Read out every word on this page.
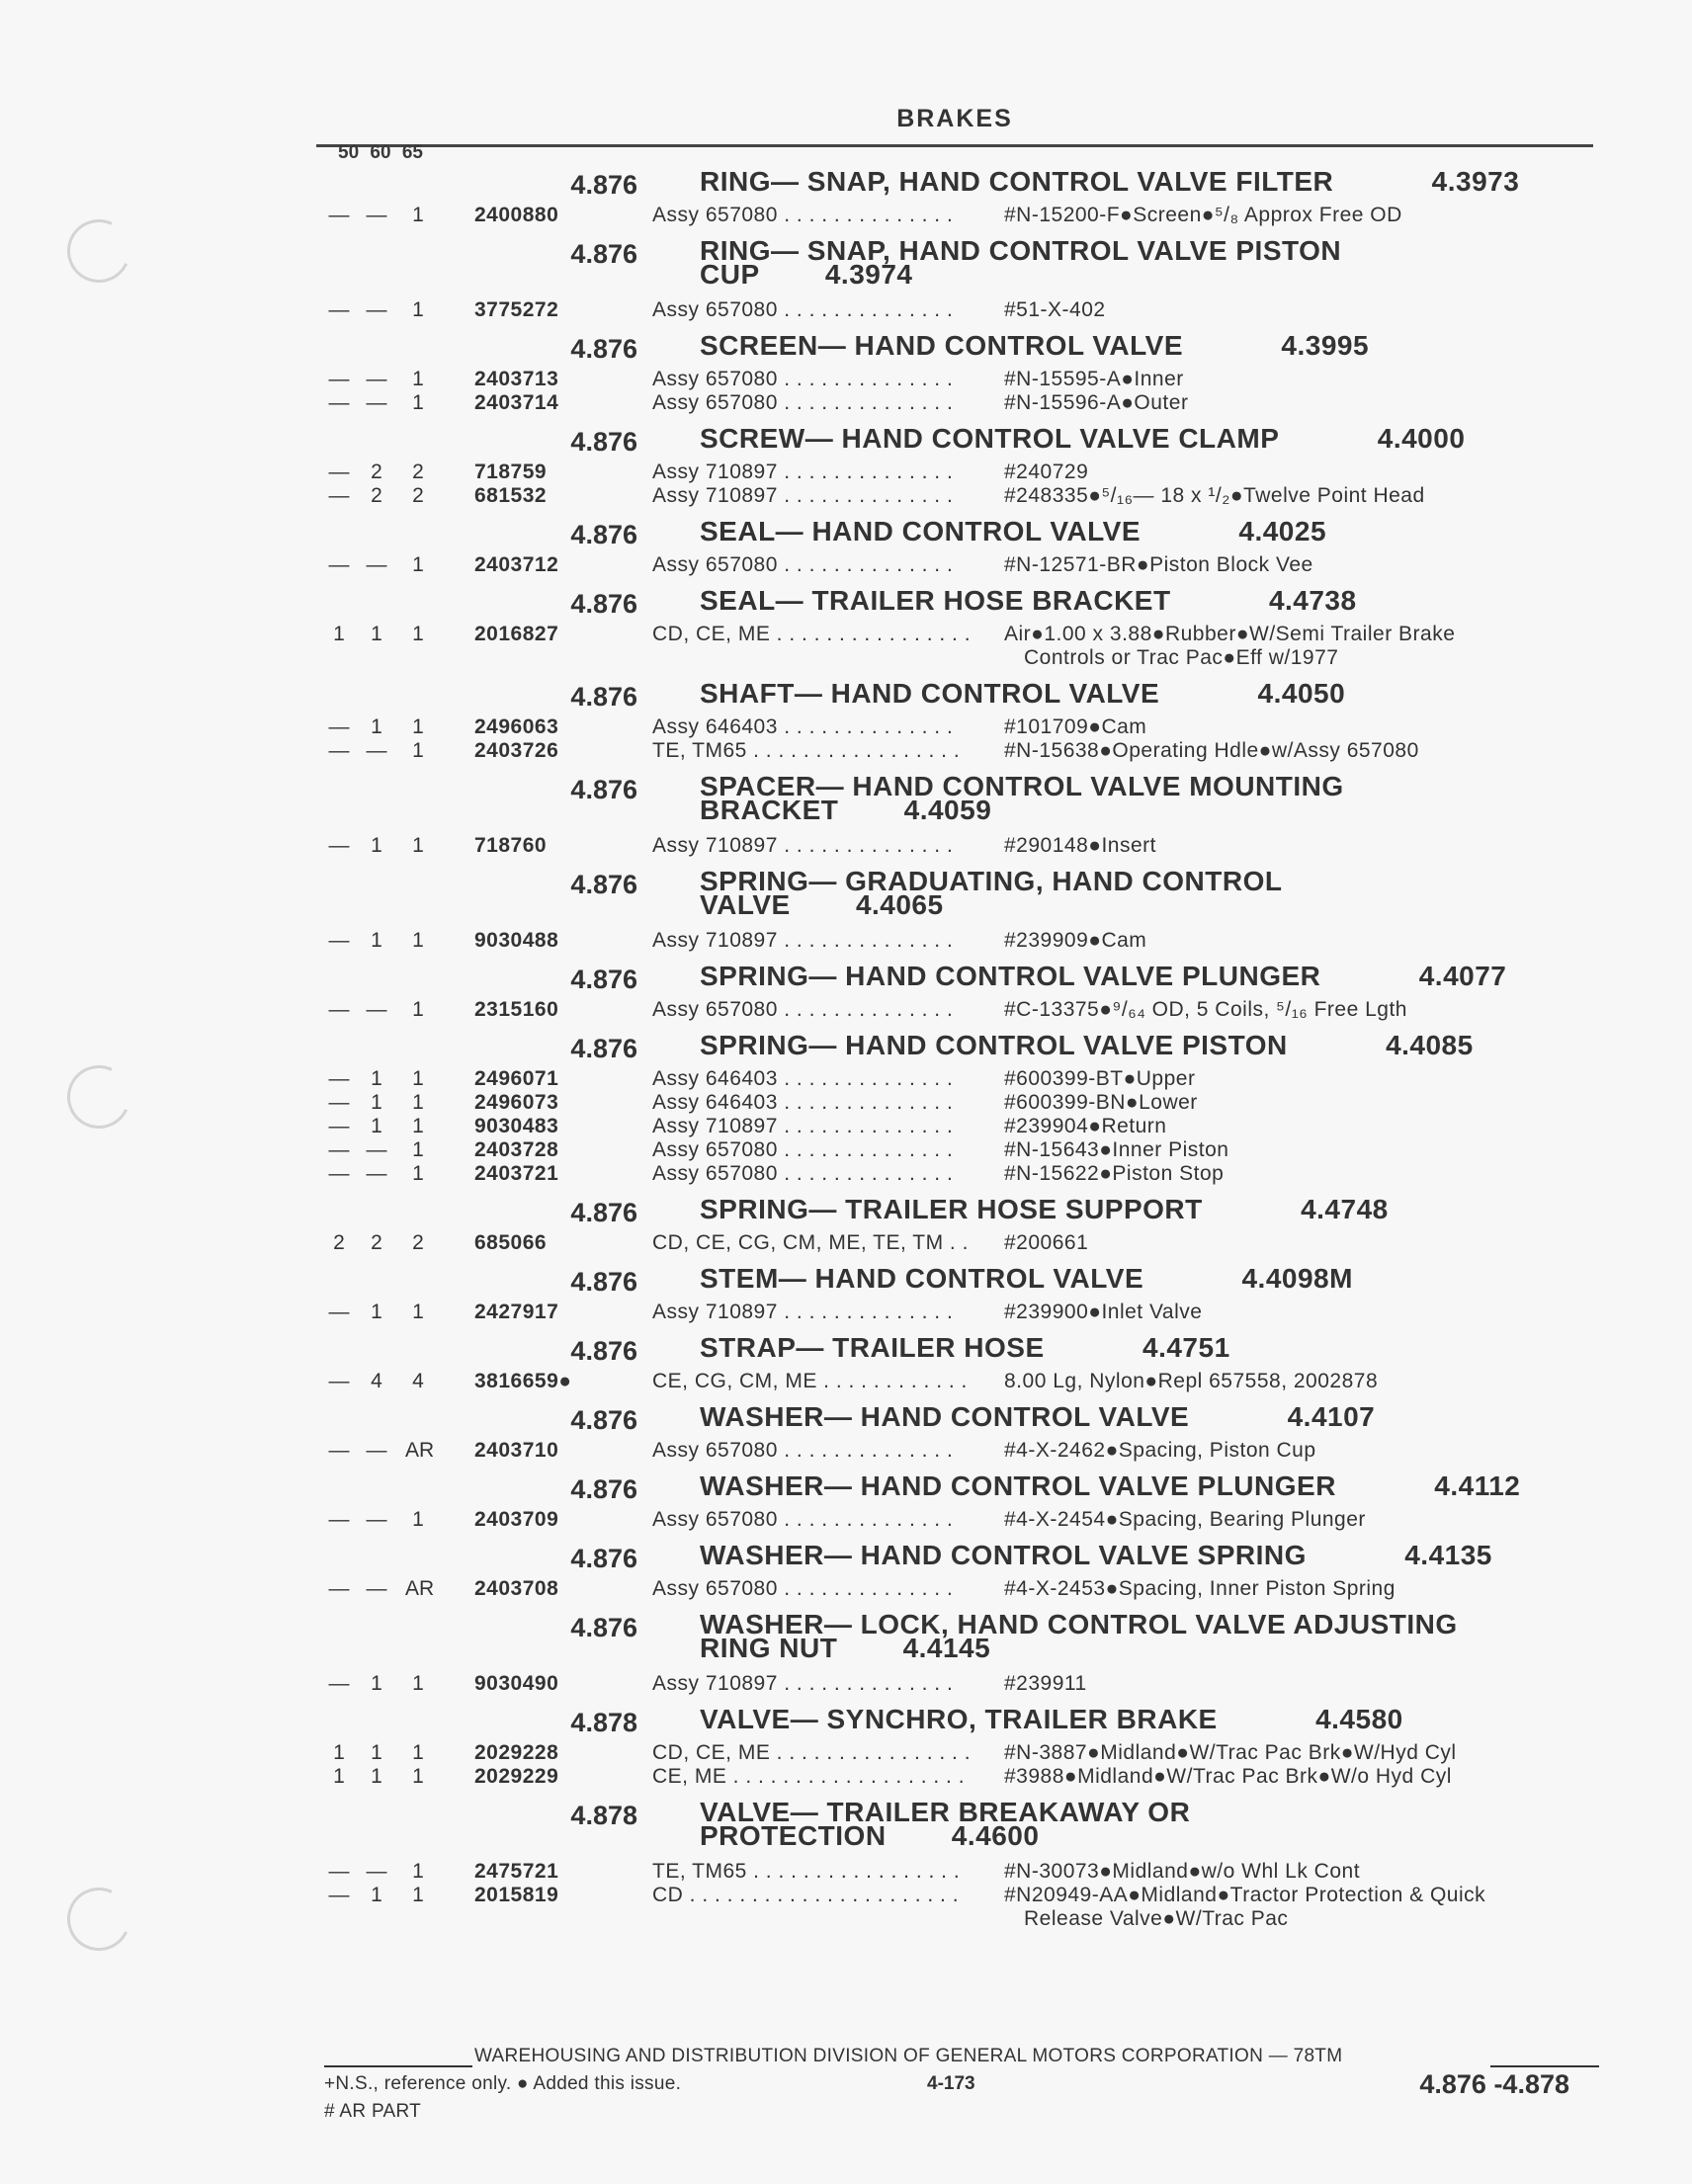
BRAKES
50 60 65
4.876 RING— SNAP, HAND CONTROL VALVE FILTER	4.3973
— —	1	2400880	Assy 657080 . . . . . . . . . . . . . .	#N-15200-F●Screen●⁵/₈ Approx Free OD
4.876 RING— SNAP, HAND CONTROL VALVE PISTON
CUP 4.3974
— —	1	3775272	Assy 657080 . . . . . . . . . . . . . .	#51-X-402
4.876 SCREEN— HAND CONTROL VALVE	4.3995
— —	1	2403713	Assy 657080 . . . . . . . . . . . . . .	#N-15595-A●Inner
— —	1	2403714	Assy 657080 . . . . . . . . . . . . . .	#N-15596-A●Outer
4.876 SCREW— HAND CONTROL VALVE CLAMP	4.4000
—	2	2	718759	Assy 710897 . . . . . . . . . . . . . .	#240729
—	2	2	681532	Assy 710897 . . . . . . . . . . . . . .	#248335●⁵/₁₆— 18 x ¹/₂●Twelve Point Head
4.876 SEAL— HAND CONTROL VALVE	4.4025
— —	1	2403712	Assy 657080 . . . . . . . . . . . . . .	#N-12571-BR●Piston Block Vee
4.876 SEAL— TRAILER HOSE BRACKET	4.4738
1	1	1	2016827	CD, CE, ME . . . . . . . . . . . . . . . .	Air●1.00 x 3.88●Rubber●W/Semi Trailer Brake
Controls or Trac Pac●Eff w/1977
4.876 SHAFT— HAND CONTROL VALVE	4.4050
—	1	1	2496063	Assy 646403 . . . . . . . . . . . . . .	#101709●Cam
— —	1	2403726	TE, TM65 . . . . . . . . . . . . . . . . .	#N-15638●Operating Hdle●w/Assy 657080
4.876 SPACER— HAND CONTROL VALVE MOUNTING
BRACKET 4.4059
—	1	1	718760	Assy 710897 . . . . . . . . . . . . . .	#290148●Insert
4.876 SPRING— GRADUATING, HAND CONTROL
VALVE 4.4065
—	1	1	9030488	Assy 710897 . . . . . . . . . . . . . .	#239909●Cam
4.876 SPRING— HAND CONTROL VALVE PLUNGER	4.4077
— —	1	2315160	Assy 657080 . . . . . . . . . . . . . .	#C-13375●⁹/₆₄ OD, 5 Coils, ⁵/₁₆ Free Lgth
4.876 SPRING— HAND CONTROL VALVE PISTON	4.4085
—	1	1	2496071	Assy 646403 . . . . . . . . . . . . . .	#600399-BT●Upper
—	1	1	2496073	Assy 646403 . . . . . . . . . . . . . .	#600399-BN●Lower
—	1	1	9030483	Assy 710897 . . . . . . . . . . . . . .	#239904●Return
— —	1	2403728	Assy 657080 . . . . . . . . . . . . . .	#N-15643●Inner Piston
— —	1	2403721	Assy 657080 . . . . . . . . . . . . . .	#N-15622●Piston Stop
4.876 SPRING— TRAILER HOSE SUPPORT	4.4748
2	2	2	685066	CD, CE, CG, CM, ME, TE, TM . .	#200661
4.876 STEM— HAND CONTROL VALVE	4.4098M
—	1	1	2427917	Assy 710897 . . . . . . . . . . . . . .	#239900●Inlet Valve
4.876 STRAP— TRAILER HOSE	4.4751
—	4	4	3816659●	CE, CG, CM, ME . . . . . . . . . . . .	8.00 Lg, Nylon●Repl 657558, 2002878
4.876 WASHER— HAND CONTROL VALVE	4.4107
— — AR 2403710	Assy 657080 . . . . . . . . . . . . . .	#4-X-2462●Spacing, Piston Cup
4.876 WASHER— HAND CONTROL VALVE PLUNGER	4.4112
— —	1	2403709	Assy 657080 . . . . . . . . . . . . . .	#4-X-2454●Spacing, Bearing Plunger
4.876 WASHER— HAND CONTROL VALVE SPRING	4.4135
— — AR 2403708	Assy 657080 . . . . . . . . . . . . . .	#4-X-2453●Spacing, Inner Piston Spring
4.876 WASHER— LOCK, HAND CONTROL VALVE ADJUSTING
RING NUT 4.4145
—	1	1	9030490	Assy 710897 . . . . . . . . . . . . . .	#239911
4.878 VALVE— SYNCHRO, TRAILER BRAKE	4.4580
1	1	1	2029228	CD, CE, ME . . . . . . . . . . . . . . . .	#N-3887●Midland●W/Trac Pac Brk●W/Hyd Cyl
1	1	1	2029229	CE, ME . . . . . . . . . . . . . . . . . . .	#3988●Midland●W/Trac Pac Brk●W/o Hyd Cyl
4.878 VALVE— TRAILER BREAKAWAY OR
PROTECTION 4.4600
— —	1	2475721	TE, TM65 . . . . . . . . . . . . . . . . .	#N-30073●Midland●w/o Whl Lk Cont
—	1	1	2015819	CD . . . . . . . . . . . . . . . . . . . . . .	#N20949-AA●Midland●Tractor Protection & Quick
Release Valve●W/Trac Pac
WAREHOUSING AND DISTRIBUTION DIVISION OF GENERAL MOTORS CORPORATION — 78TM
+N.S., reference only. ● Added this issue.	4-173	4.876 -4.878
# AR PART
